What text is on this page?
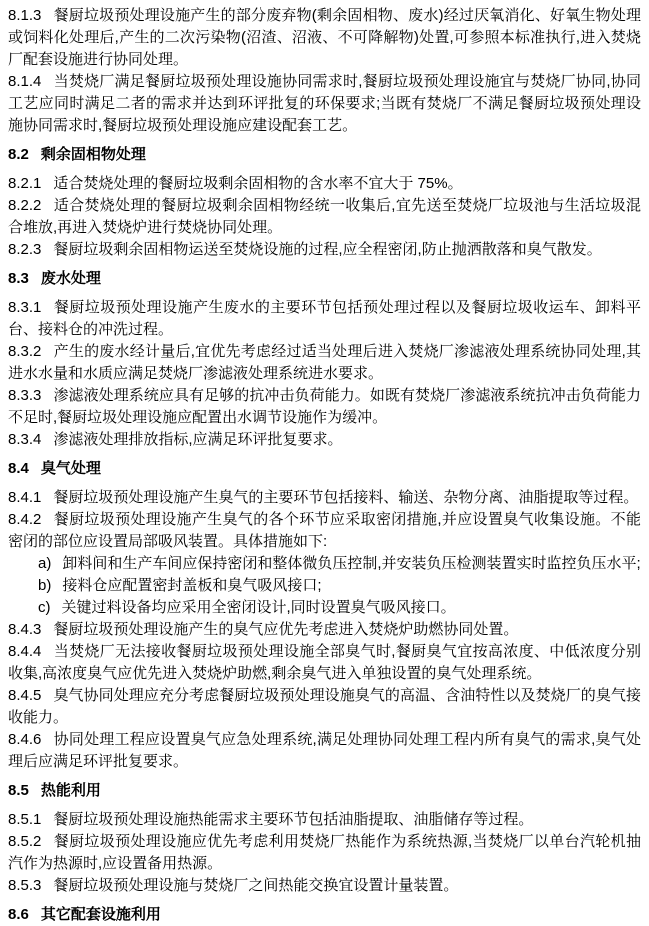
8.1.3 餐厨垃圾预处理设施产生的部分废弃物(剩余固相物、废水)经过厌氧消化、好氧生物处理或饲料化处理后,产生的二次污染物(沼渣、沼液、不可降解物)处置,可参照本标准执行,进入焚烧厂配套设施进行协同处理。

8.1.4 当焚烧厂满足餐厨垃圾预处理设施协同需求时,餐厨垃圾预处理设施宜与焚烧厂协同,协同工艺应同时满足二者的需求并达到环评批复的环保要求;当既有焚烧厂不满足餐厨垃圾预处理设施协同需求时,餐厨垃圾预处理设施应建设配套工艺。

8.2 剩余固相物处理

8.2.1 适合焚烧处理的餐厨垃圾剩余固相物的含水率不宜大于 75%。

8.2.2 适合焚烧处理的餐厨垃圾剩余固相物经统一收集后,宜先送至焚烧厂垃圾池与生活垃圾混合堆放,再进入焚烧炉进行焚烧协同处理。

8.2.3 餐厨垃圾剩余固相物运送至焚烧设施的过程,应全程密闭,防止抛洒散落和臭气散发。

8.3 废水处理

8.3.1 餐厨垃圾预处理设施产生废水的主要环节包括预处理过程以及餐厨垃圾收运车、卸料平台、接料仓的冲洗过程。

8.3.2 产生的废水经计量后,宜优先考虑经过适当处理后进入焚烧厂渗滤液处理系统协同处理,其进水水量和水质应满足焚烧厂渗滤液处理系统进水要求。

8.3.3 渗滤液处理系统应具有足够的抗冲击负荷能力。如既有焚烧厂渗滤液系统抗冲击负荷能力不足时,餐厨垃圾处理设施应配置出水调节设施作为缓冲。

8.3.4 渗滤液处理排放指标,应满足环评批复要求。

8.4 臭气处理

8.4.1 餐厨垃圾预处理设施产生臭气的主要环节包括接料、输送、杂物分离、油脂提取等过程。

8.4.2 餐厨垃圾预处理设施产生臭气的各个环节应采取密闭措施,并应设置臭气收集设施。不能密闭的部位应设置局部吸风装置。具体措施如下:

a) 卸料间和生产车间应保持密闭和整体微负压控制,并安装负压检测装置实时监控负压水平;

b) 接料仓应配置密封盖板和臭气吸风接口;

c) 关键过料设备均应采用全密闭设计,同时设置臭气吸风接口。

8.4.3 餐厨垃圾预处理设施产生的臭气应优先考虑进入焚烧炉助燃协同处置。

8.4.4 当焚烧厂无法接收餐厨垃圾预处理设施全部臭气时,餐厨臭气宜按高浓度、中低浓度分别收集,高浓度臭气应优先进入焚烧炉助燃,剩余臭气进入单独设置的臭气处理系统。

8.4.5 臭气协同处理应充分考虑餐厨垃圾预处理设施臭气的高温、含油特性以及焚烧厂的臭气接收能力。

8.4.6 协同处理工程应设置臭气应急处理系统,满足处理协同处理工程内所有臭气的需求,臭气处理后应满足环评批复要求。

8.5 热能利用

8.5.1 餐厨垃圾预处理设施热能需求主要环节包括油脂提取、油脂储存等过程。

8.5.2 餐厨垃圾预处理设施应优先考虑利用焚烧厂热能作为系统热源,当焚烧厂以单台汽轮机抽汽作为热源时,应设置备用热源。

8.5.3 餐厨垃圾预处理设施与焚烧厂之间热能交换宜设置计量装置。

8.6 其它配套设施利用
